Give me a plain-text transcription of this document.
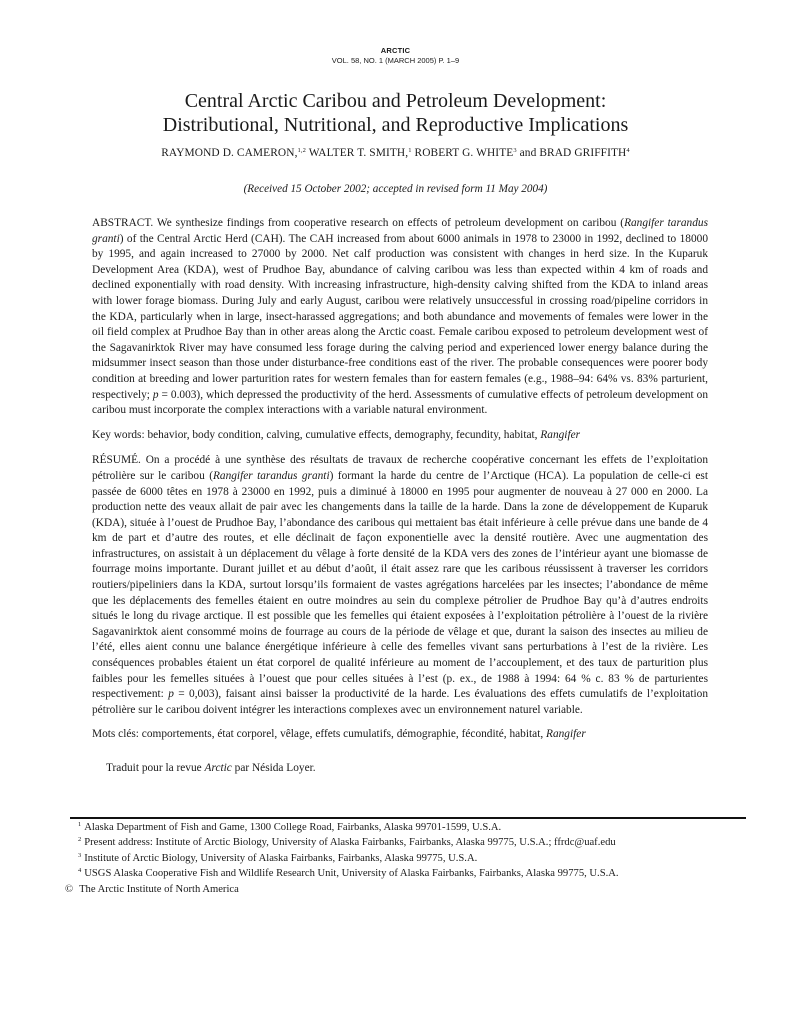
ARCTIC
VOL. 58, NO. 1 (MARCH 2005) P. 1–9
Central Arctic Caribou and Petroleum Development:
Distributional, Nutritional, and Reproductive Implications
RAYMOND D. CAMERON,$^{1,2}$ WALTER T. SMITH,$^1$ ROBERT G. WHITE$^3$ and BRAD GRIFFITH$^4$
(Received 15 October 2002; accepted in revised form 11 May 2004)
ABSTRACT. We synthesize findings from cooperative research on effects of petroleum development on caribou (Rangifer tarandus granti) of the Central Arctic Herd (CAH). The CAH increased from about 6000 animals in 1978 to 23000 in 1992, declined to 18000 by 1995, and again increased to 27000 by 2000. Net calf production was consistent with changes in herd size. In the Kuparuk Development Area (KDA), west of Prudhoe Bay, abundance of calving caribou was less than expected within 4 km of roads and declined exponentially with road density. With increasing infrastructure, high-density calving shifted from the KDA to inland areas with lower forage biomass. During July and early August, caribou were relatively unsuccessful in crossing road/pipeline corridors in the KDA, particularly when in large, insect-harassed aggregations; and both abundance and movements of females were lower in the oil field complex at Prudhoe Bay than in other areas along the Arctic coast. Female caribou exposed to petroleum development west of the Sagavanirktok River may have consumed less forage during the calving period and experienced lower energy balance during the midsummer insect season than those under disturbance-free conditions east of the river. The probable consequences were poorer body condition at breeding and lower parturition rates for western females than for eastern females (e.g., 1988–94: 64% vs. 83% parturient, respectively; p = 0.003), which depressed the productivity of the herd. Assessments of cumulative effects of petroleum development on caribou must incorporate the complex interactions with a variable natural environment.
Key words: behavior, body condition, calving, cumulative effects, demography, fecundity, habitat, Rangifer
RÉSUMÉ. On a procédé à une synthèse des résultats de travaux de recherche coopérative concernant les effets de l’exploitation pétrolière sur le caribou (Rangifer tarandus granti) formant la harde du centre de l’Arctique (HCA). La population de celle-ci est passée de 6000 têtes en 1978 à 23000 en 1992, puis a diminué à 18000 en 1995 pour augmenter de nouveau à 27 000 en 2000. La production nette des veaux allait de pair avec les changements dans la taille de la harde. Dans la zone de développement de Kuparuk (KDA), située à l’ouest de Prudhoe Bay, l’abondance des caribous qui mettaient bas était inférieure à celle prévue dans une bande de 4 km de part et d’autre des routes, et elle déclinait de façon exponentielle avec la densité routière. Avec une augmentation des infrastructures, on assistait à un déplacement du vêlage à forte densité de la KDA vers des zones de l’intérieur ayant une biomasse de fourrage moins importante. Durant juillet et au début d’août, il était assez rare que les caribous réussissent à traverser les corridors routiers/pipeliniers dans la KDA, surtout lorsqu’ils formaient de vastes agrégations harcelées par les insectes; l’abondance de même que les déplacements des femelles étaient en outre moindres au sein du complexe pétrolier de Prudhoe Bay qu’à d’autres endroits situés le long du rivage arctique. Il est possible que les femelles qui étaient exposées à l’exploitation pétrolière à l’ouest de la rivière Sagavanirktok aient consommé moins de fourrage au cours de la période de vêlage et que, durant la saison des insectes au milieu de l’été, elles aient connu une balance énergétique inférieure à celle des femelles vivant sans perturbations à l’est de la rivière. Les conséquences probables étaient un état corporel de qualité inférieure au moment de l’accouplement, et des taux de parturition plus faibles pour les femelles situées à l’ouest que pour celles situées à l’est (p. ex., de 1988 à 1994: 64 % c. 83 % de parturientes respectivement: p = 0,003), faisant ainsi baisser la productivité de la harde. Les évaluations des effets cumulatifs de l’exploitation pétrolière sur le caribou doivent intégrer les interactions complexes avec un environnement naturel variable.
Mots clés: comportements, état corporel, vêlage, effets cumulatifs, démographie, fécondité, habitat, Rangifer
Traduit pour la revue Arctic par Nésida Loyer.
$^1$ Alaska Department of Fish and Game, 1300 College Road, Fairbanks, Alaska 99701-1599, U.S.A.
$^2$ Present address: Institute of Arctic Biology, University of Alaska Fairbanks, Fairbanks, Alaska 99775, U.S.A.; ffrdc@uaf.edu
$^3$ Institute of Arctic Biology, University of Alaska Fairbanks, Fairbanks, Alaska 99775, U.S.A.
$^4$ USGS Alaska Cooperative Fish and Wildlife Research Unit, University of Alaska Fairbanks, Fairbanks, Alaska 99775, U.S.A.
© The Arctic Institute of North America
